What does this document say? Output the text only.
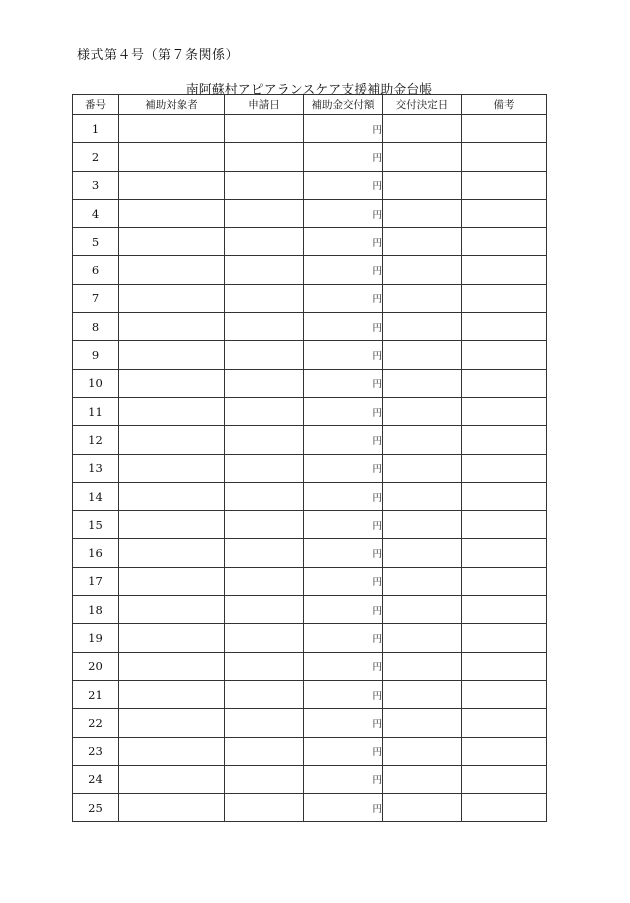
様式第４号（第７条関係）
南阿蘇村アピアランスケア支援補助金台帳
番号	補助対象者	申請日	補助金交付額	交付決定日	備考
1			円		
2			円		
3			円		
4			円		
5			円		
6			円		
7			円		
8			円		
9			円		
10			円		
11			円		
12			円		
13			円		
14			円		
15			円		
16			円		
17			円		
18			円		
19			円		
20			円		
21			円		
22			円		
23			円		
24			円		
25			円		
